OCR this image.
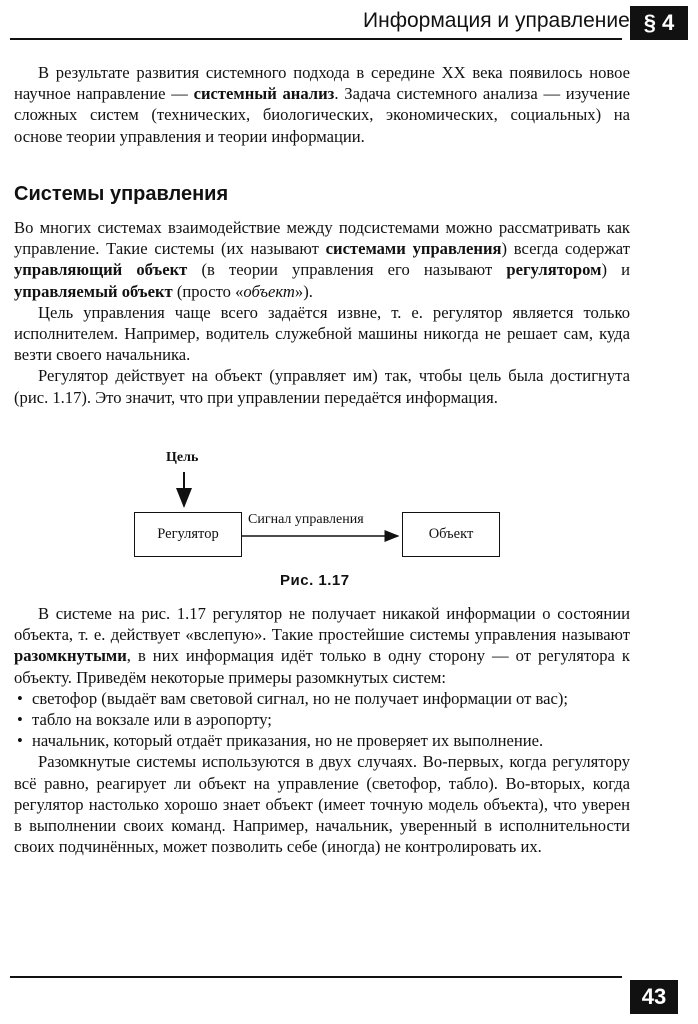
Информация и управление § 4

В результате развития системного подхода в середине XX века появилось новое научное направление — системный анализ. Задача системного анализа — изучение сложных систем (технических, биологических, экономических, социальных) на основе теории управления и теории информации.

Системы управления

Во многих системах взаимодействие между подсистемами можно рассматривать как управление. Такие системы (их называют системами управления) всегда содержат управляющий объект (в теории управления его называют регулятором) и управляемый объект (просто «объект»).

Цель управления чаще всего задаётся извне, т. е. регулятор является только исполнителем. Например, водитель служебной машины никогда не решает сам, куда везти своего начальника.

Регулятор действует на объект (управляет им) так, чтобы цель была достигнута (рис. 1.17). Это значит, что при управлении передаётся информация.

Цель
Регулятор
Сигнал управления
Объект
Рис. 1.17

В системе на рис. 1.17 регулятор не получает никакой информации о состоянии объекта, т. е. действует «вслепую». Такие простейшие системы управления называют разомкнутыми, в них информация идёт только в одну сторону — от регулятора к объекту. Приведём некоторые примеры разомкнутых систем:

• светофор (выдаёт вам световой сигнал, но не получает информации от вас);
• табло на вокзале или в аэропорту;
• начальник, который отдаёт приказания, но не проверяет их выполнение.

Разомкнутые системы используются в двух случаях. Во-первых, когда регулятору всё равно, реагирует ли объект на управление (светофор, табло). Во-вторых, когда регулятор настолько хорошо знает объект (имеет точную модель объекта), что уверен в выполнении своих команд. Например, начальник, уверенный в исполнительности своих подчинённых, может позволить себе (иногда) не контролировать их.

43
